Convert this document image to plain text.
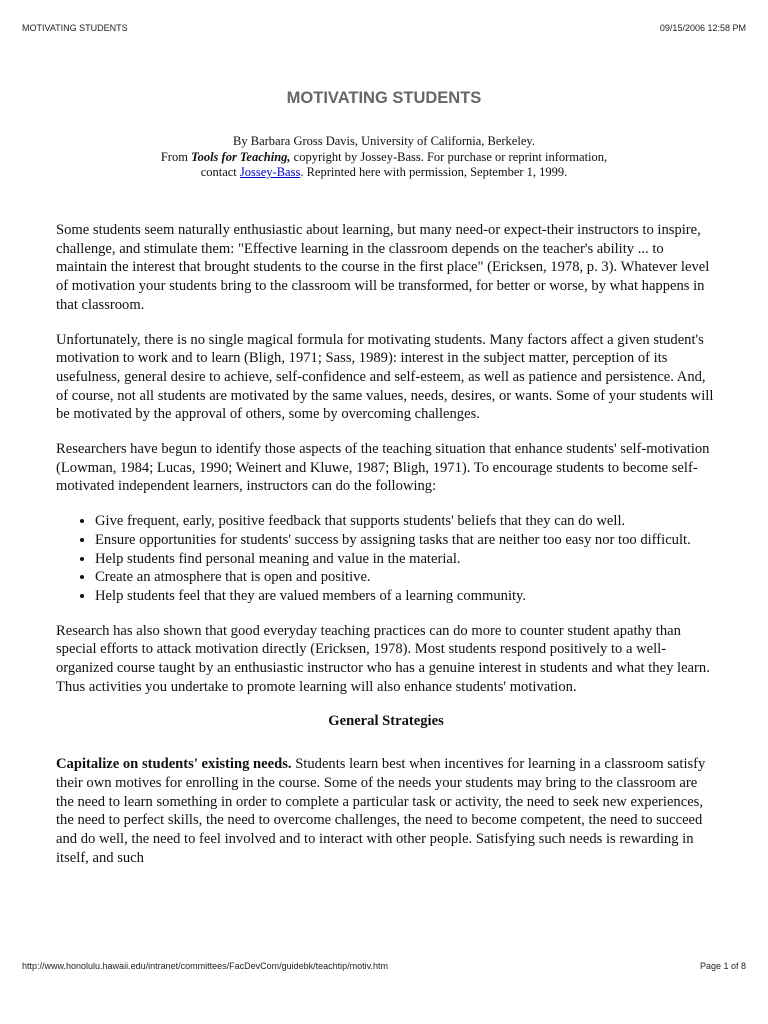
MOTIVATING STUDENTS	09/15/2006 12:58 PM
MOTIVATING STUDENTS
By Barbara Gross Davis, University of California, Berkeley.
From Tools for Teaching, copyright by Jossey-Bass. For purchase or reprint information,
contact Jossey-Bass. Reprinted here with permission, September 1, 1999.

Some students seem naturally enthusiastic about learning, but many need-or expect-their instructors to inspire, challenge, and stimulate them: "Effective learning in the classroom depends on the teacher's ability ... to maintain the interest that brought students to the course in the first place" (Ericksen, 1978, p. 3). Whatever level of motivation your students bring to the classroom will be transformed, for better or worse, by what happens in that classroom.

Unfortunately, there is no single magical formula for motivating students. Many factors affect a given student's motivation to work and to learn (Bligh, 1971; Sass, 1989): interest in the subject matter, perception of its usefulness, general desire to achieve, self-confidence and self-esteem, as well as patience and persistence. And, of course, not all students are motivated by the same values, needs, desires, or wants. Some of your students will be motivated by the approval of others, some by overcoming challenges.

Researchers have begun to identify those aspects of the teaching situation that enhance students' self-motivation (Lowman, 1984; Lucas, 1990; Weinert and Kluwe, 1987; Bligh, 1971). To encourage students to become self-motivated independent learners, instructors can do the following:

• Give frequent, early, positive feedback that supports students' beliefs that they can do well.
• Ensure opportunities for students' success by assigning tasks that are neither too easy nor too difficult.
• Help students find personal meaning and value in the material.
• Create an atmosphere that is open and positive.
• Help students feel that they are valued members of a learning community.

Research has also shown that good everyday teaching practices can do more to counter student apathy than special efforts to attack motivation directly (Ericksen, 1978). Most students respond positively to a well-organized course taught by an enthusiastic instructor who has a genuine interest in students and what they learn. Thus activities you undertake to promote learning will also enhance students' motivation.

General Strategies

Capitalize on students' existing needs. Students learn best when incentives for learning in a classroom satisfy their own motives for enrolling in the course. Some of the needs your students may bring to the classroom are the need to learn something in order to complete a particular task or activity, the need to seek new experiences, the need to perfect skills, the need to overcome challenges, the need to become competent, the need to succeed and do well, the need to feel involved and to interact with other people. Satisfying such needs is rewarding in itself, and such

http://www.honolulu.hawaii.edu/intranet/committees/FacDevCom/guidebk/teachtip/motiv.htm	Page 1 of 8
